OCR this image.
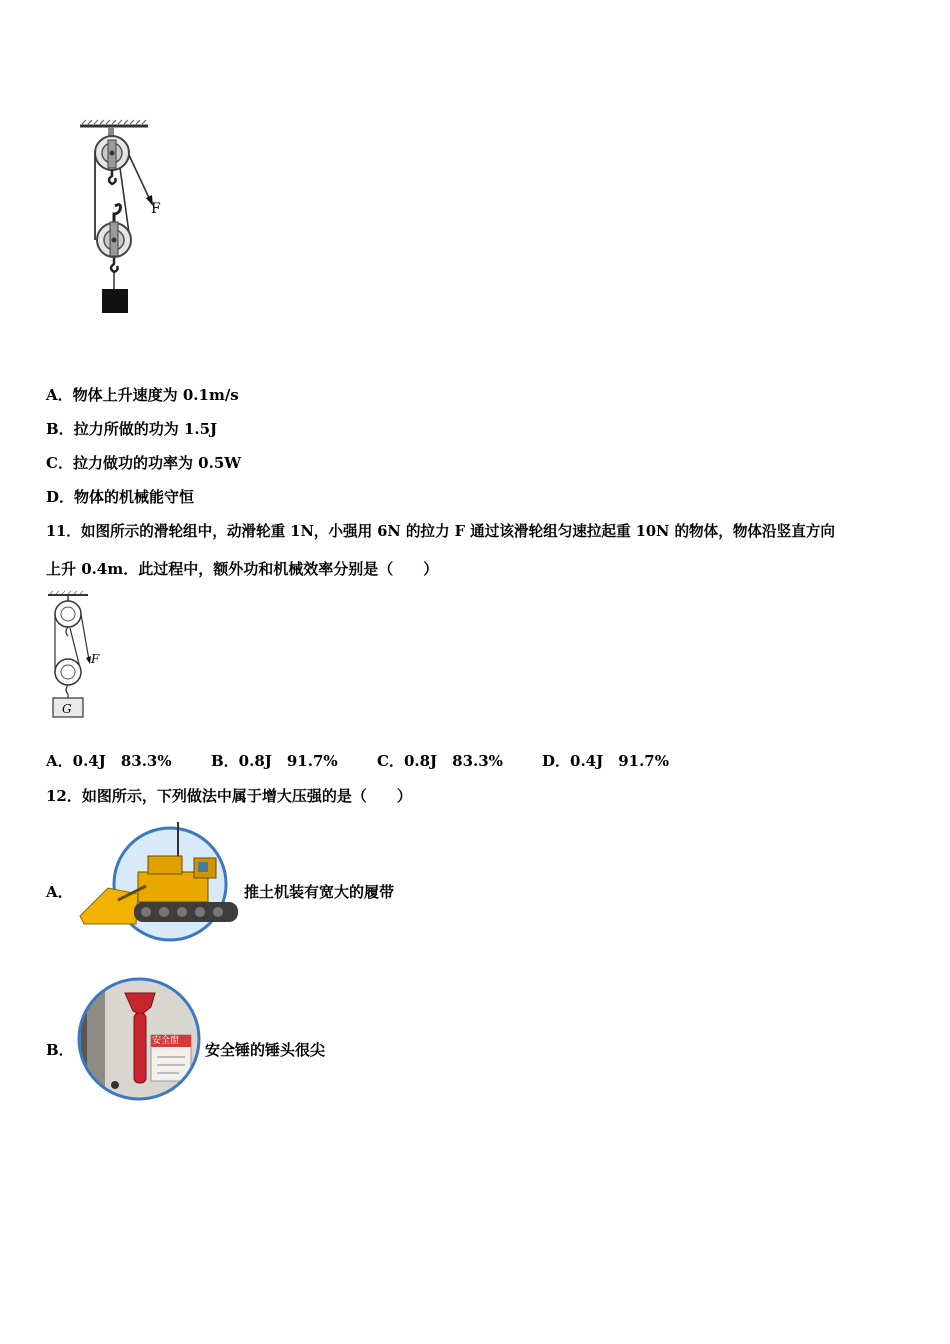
F
A．物体上升速度为 0.1m/s
B．拉力所做的功为 1.5J
C．拉力做功的功率为 0.5W
D．物体的机械能守恒
11．如图所示的滑轮组中，动滑轮重 1N，小强用 6N 的拉力 F 通过该滑轮组匀速拉起重 10N 的物体，物体沿竖直方向
上升 0.4m．此过程中，额外功和机械效率分别是（　　）
F
G
A．0.4J　83.3%	B．0.8J　91.7%	C．0.8J　83.3%	D．0.4J　91.7%
12．如图所示，下列做法中属于增大压强的是（　　）
A．	推土机装有宽大的履带
B．	安全窗 安全锤的锤头很尖
